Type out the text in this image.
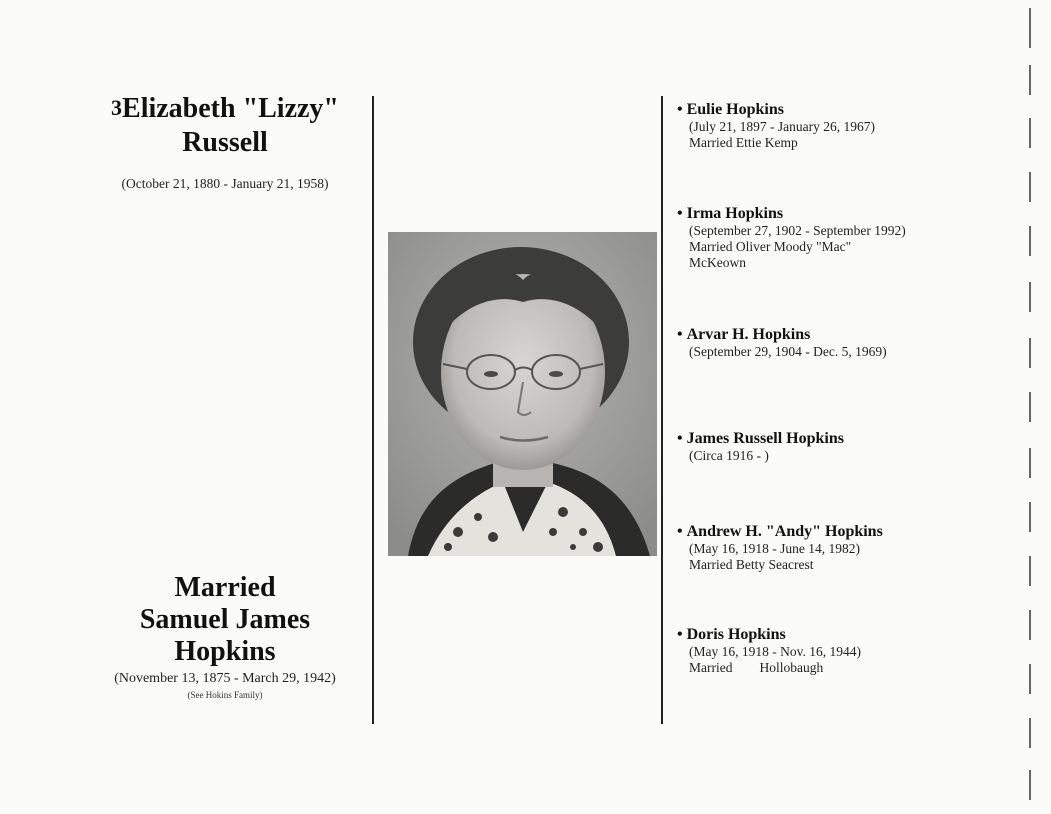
$^3$Elizabeth "Lizzy"
Russell
(October 21, 1880 - January 21, 1958)
Married
Samuel James
Hopkins
(November 13, 1875 - March 29, 1942)
(See Hokins Family)
• Eulie Hopkins
(July 21, 1897 - January 26, 1967)
Married Ettie Kemp
• Irma Hopkins
(September 27, 1902 - September 1992)
Married Oliver Moody "Mac"
McKeown
• Arvar H. Hopkins
(September 29, 1904 - Dec. 5, 1969)
• James Russell Hopkins
(Circa 1916 - )
• Andrew H. "Andy" Hopkins
(May 16, 1918 - June 14, 1982)
Married Betty Seacrest
• Doris Hopkins
(May 16, 1918 - Nov. 16, 1944)
Married        Hollobaugh
